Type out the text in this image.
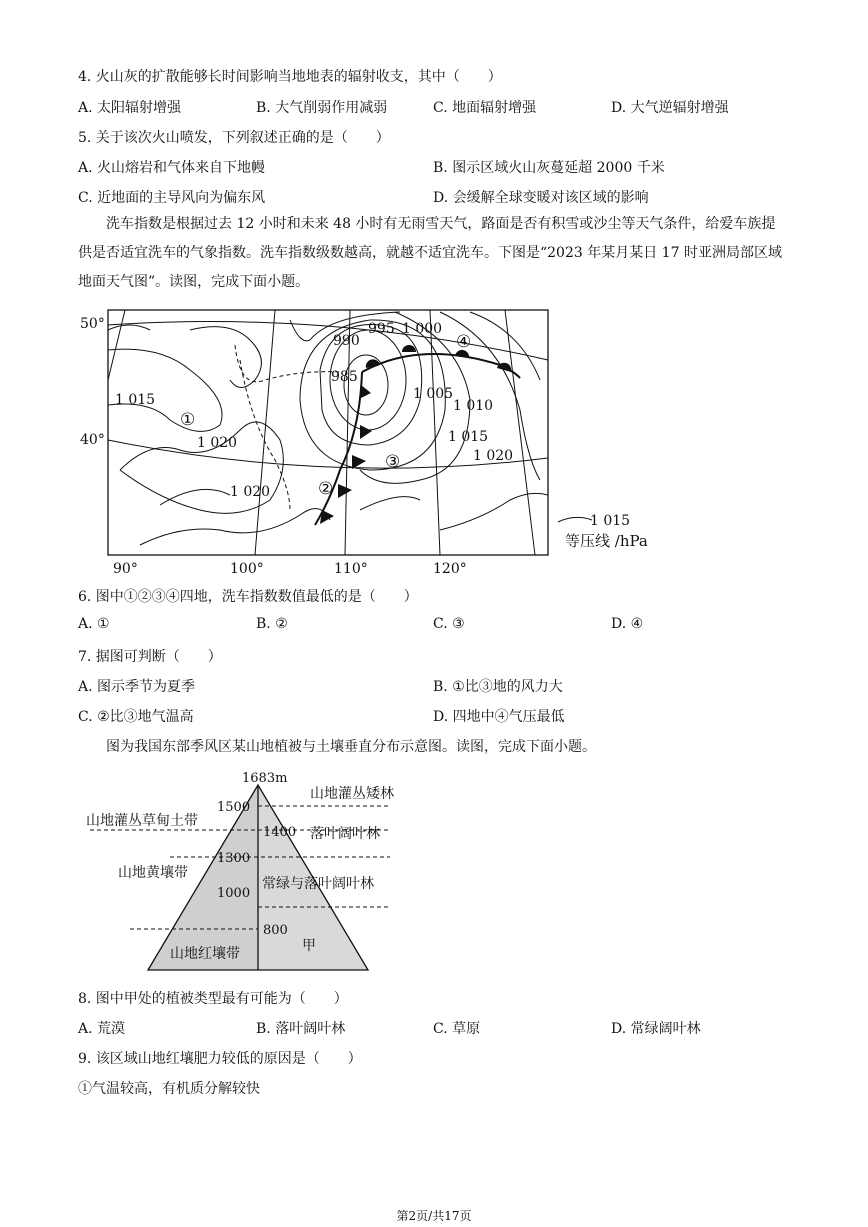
4. 火山灰的扩散能够长时间影响当地地表的辐射收支，其中（　　）
A. 太阳辐射增强	B. 大气削弱作用减弱	C. 地面辐射增强	D. 大气逆辐射增强
5. 关于该次火山喷发，下列叙述正确的是（　　）
A. 火山熔岩和气体来自下地幔	B. 图示区域火山灰蔓延超 2000 千米
C. 近地面的主导风向为偏东风	D. 会缓解全球变暖对该区域的影响
洗车指数是根据过去 12 小时和未来 48 小时有无雨雪天气，路面是否有积雪或沙尘等天气条件，给爱车族提供是否适宜洗车的气象指数。洗车指数级数越高，就越不适宜洗车。下图是“2023 年某月某日 17 时亚洲局部区域地面天气图”。读图，完成下面小题。
50°
40°
90°	100°	110°	120°
990
995 1 000
985
1 005
1 010
1 015
1 020
1 020	1 015
1 020
①
②
③
④
1 015
等压线 /hPa
6. 图中①②③④四地，洗车指数数值最低的是（　　）
A. ①	B. ②	C. ③	D. ④
7. 据图可判断（　　）
A. 图示季节为夏季	B. ①比③地的风力大
C. ②比③地气温高	D. 四地中④气压最低
图为我国东部季风区某山地植被与土壤垂直分布示意图。读图，完成下面小题。
1683m
1500
1400
1300
1000
800
山地灌丛草甸土带
山地黄壤带
山地红壤带
山地灌丛矮林
落叶阔叶林
常绿与落叶阔叶林
甲
8. 图中甲处的植被类型最有可能为（　　）
A. 荒漠	B. 落叶阔叶林	C. 草原	D. 常绿阔叶林
9. 该区域山地红壤肥力较低的原因是（　　）
①气温较高，有机质分解较快
第2页/共17页
